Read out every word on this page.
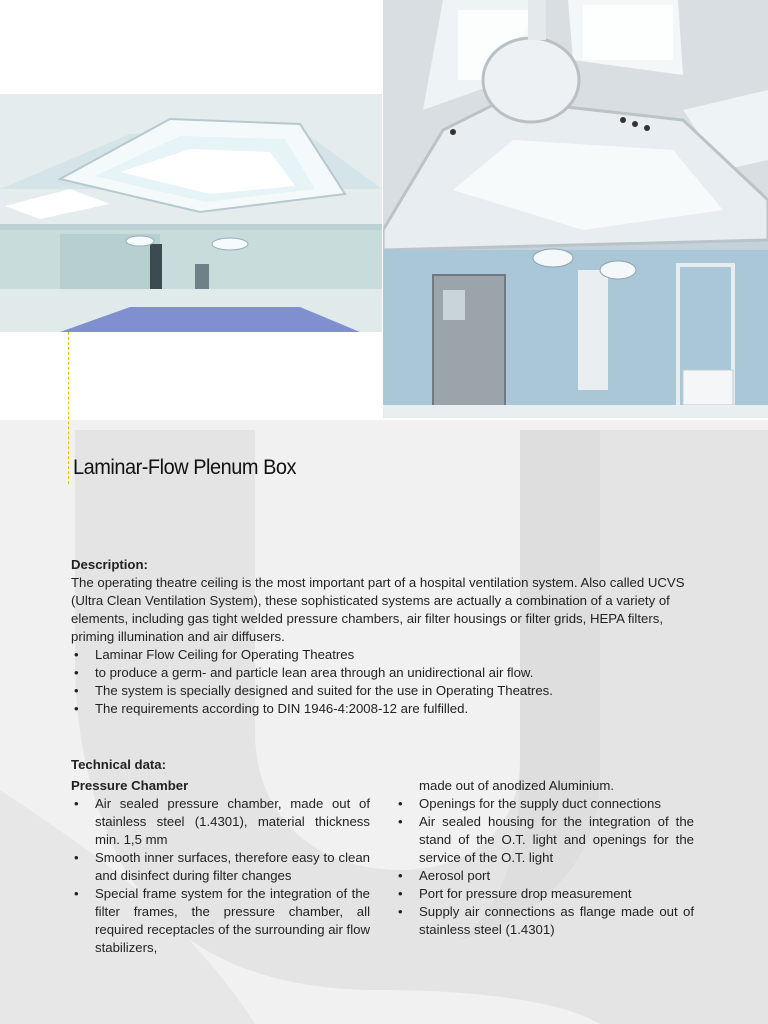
Laminar-Flow Plenum Box
Description:

The operating theatre ceiling is the most important part of a hospital ventilation system. Also called UCVS (Ultra Clean Ventilation System), these sophisticated systems are actually a combination of a variety of elements, including gas tight welded pressure chambers, air filter housings or filter grids, HEPA filters, priming illumination and air diffusers.

• Laminar Flow Ceiling for Operating Theatres
• to produce a germ- and particle lean area through an unidirectional air flow.
• The system is specially designed and suited for the use in Operating Theatres.
• The requirements according to DIN 1946-4:2008-12 are fulfilled.
Technical data:
Pressure Chamber
• Air sealed pressure chamber, made out of stainless steel (1.4301), material thickness min. 1,5 mm
• Smooth inner surfaces, therefore easy to clean and disinfect during filter changes
• Special frame system for the integration of the filter frames, the pressure chamber, all required receptacles of the surrounding air flow stabilizers,
made out of anodized Aluminium.
• Openings for the supply duct connections
• Air sealed housing for the integration of the stand of the O.T. light and openings for the service of the O.T. light
• Aerosol port
• Port for pressure drop measurement
• Supply air connections as flange made out of stainless steel (1.4301)
